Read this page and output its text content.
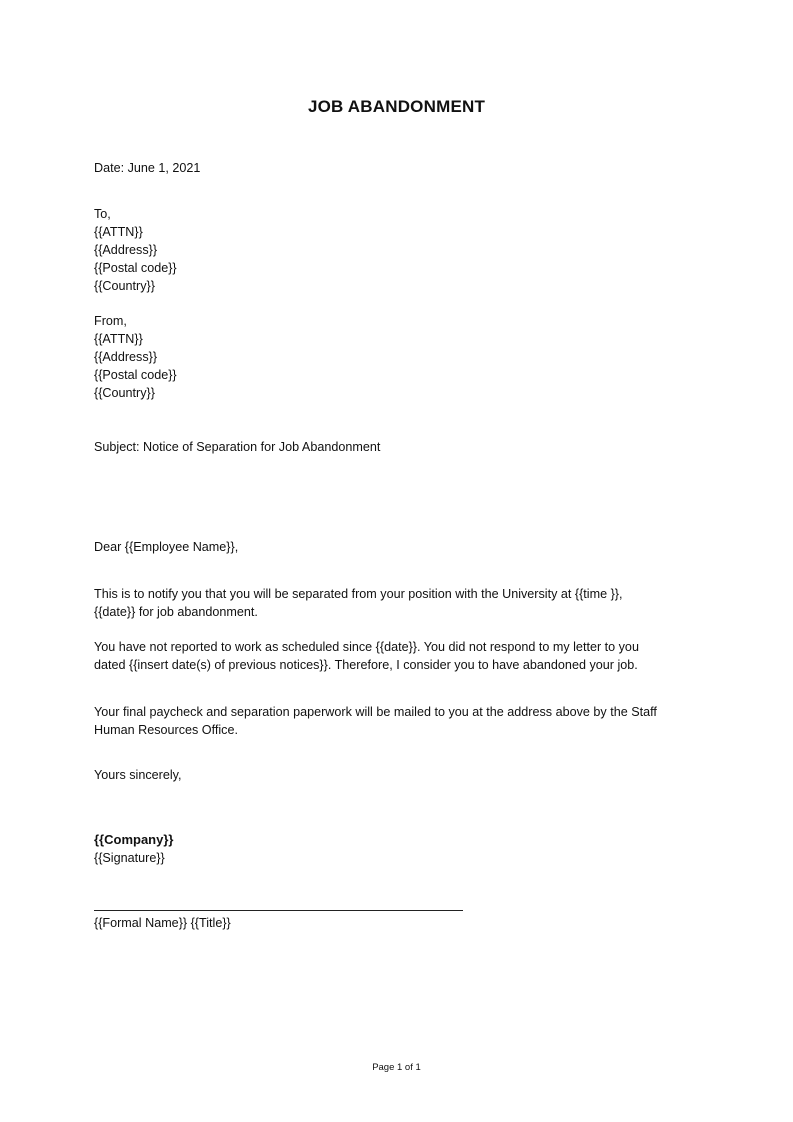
JOB ABANDONMENT
Date: June 1, 2021
To,
{{ATTN}}
{{Address}}
{{Postal code}}
{{Country}}
From,
{{ATTN}}
{{Address}}
{{Postal code}}
{{Country}}
Subject: Notice of Separation for Job Abandonment
Dear {{Employee Name}},
This is to notify you that you will be separated from your position with the University at {{time }},
{{date}} for job abandonment.
You have not reported to work as scheduled since {{date}}. You did not respond to my letter to you
dated {{insert date(s) of previous notices}}. Therefore, I consider you to have abandoned your job.
Your final paycheck and separation paperwork will be mailed to you at the address above by the Staff
Human Resources Office.
Yours sincerely,
{{Company}}
{{Signature}}
{{Formal Name}} {{Title}}
Page 1 of 1
